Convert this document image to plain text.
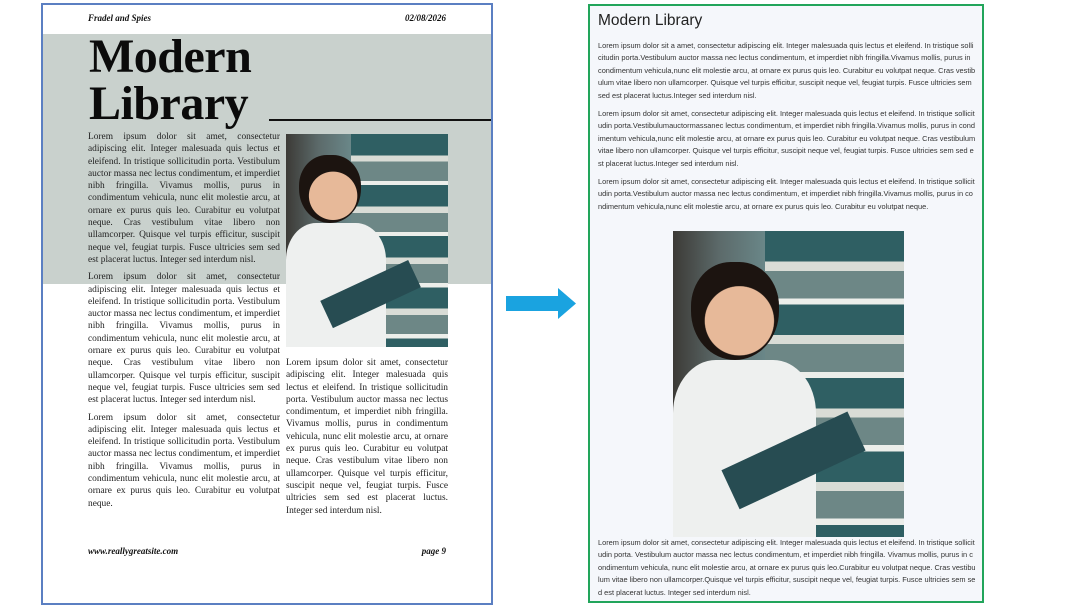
Fradel and Spies	02/08/2026
Modern
Library

Lorem ipsum dolor sit amet, consectetur adipiscing elit. Integer malesuada quis lectus et eleifend. In tristique sollicitudin porta. Vestibulum auctor massa nec lectus condimentum, et imperdiet nibh fringilla. Vivamus mollis, purus in condimentum vehicula, nunc elit molestie arcu, at ornare ex purus quis leo. Curabitur eu volutpat neque. Cras vestibulum vitae libero non ullamcorper. Quisque vel turpis efficitur, suscipit neque vel, feugiat turpis. Fusce ultricies sem sed est placerat luctus. Integer sed interdum nisl.

Lorem ipsum dolor sit amet, consectetur adipiscing elit. Integer malesuada quis lectus et eleifend. In tristique sollicitudin porta. Vestibulum auctor massa nec lectus condimentum, et imperdiet nibh fringilla. Vivamus mollis, purus in condimentum vehicula, nunc elit molestie arcu, at ornare ex purus quis leo. Curabitur eu volutpat neque. Cras vestibulum vitae libero non ullamcorper. Quisque vel turpis efficitur, suscipit neque vel, feugiat turpis. Fusce ultricies sem sed est placerat luctus. Integer sed interdum nisl.

Lorem ipsum dolor sit amet, consectetur adipiscing elit. Integer malesuada quis lectus et eleifend. In tristique sollicitudin porta. Vestibulum auctor massa nec lectus condimentum, et imperdiet nibh fringilla. Vivamus mollis, purus in condimentum vehicula, nunc elit molestie arcu, at ornare ex purus quis leo. Curabitur eu volutpat neque.

Lorem ipsum dolor sit amet, consectetur adipiscing elit. Integer malesuada quis lectus et eleifend. In tristique sollicitudin porta. Vestibulum auctor massa nec lectus condimentum, et imperdiet nibh fringilla. Vivamus mollis, purus in condimentum vehicula, nunc elit molestie arcu, at ornare ex purus quis leo. Curabitur eu volutpat neque. Cras vestibulum vitae libero non ullamcorper. Quisque vel turpis efficitur, suscipit neque vel, feugiat turpis. Fusce ultricies sem sed est placerat luctus. Integer sed interdum nisl.

www.reallygreatsite.com	page 9
Modern Library
Lorem ipsum dolor sit a amet, consectetur adipiscing elit. Integer malesuada quis lectus et eleifend. In tristique sollicitudin porta.Vestibulum auctor massa nec lectus condimentum, et imperdiet nibh fringilla.Vivamus mollis, purus in condimentum vehicula,nunc elit molestie arcu, at ornare ex purus quis leo. Curabitur eu volutpat neque. Cras vestibulum vitae libero non ullamcorper. Quisque vel turpis efficitur, suscipit neque vel, feugiat turpis. Fusce ultricies sem sed est placerat luctus.Integer sed interdum nisl.
Lorem ipsum dolor sit amet, consectetur adipiscing elit. Integer malesuada quis lectus et eleifend. In tristique sollicitudin porta.Vestibulumauctormassanec lectus condimentum, et imperdiet nibh fringilla.Vivamus mollis, purus in condimentum vehicula,nunc elit molestie arcu, at ornare ex purus quis leo. Curabitur eu volutpat neque. Cras vestibulum vitae libero non ullamcorper. Quisque vel turpis efficitur, suscipit neque vel, feugiat turpis. Fusce ultricies sem sed est placerat luctus.Integer sed interdum nisl.
Lorem ipsum dolor sit amet, consectetur adipiscing elit. Integer malesuada quis lectus et eleifend. In tristique sollicitudin porta.Vestibulum auctor massa nec lectus condimentum, et imperdiet nibh fringilla.Vivamus mollis, purus in condimentum vehicula,nunc elit molestie arcu, at ornare ex purus quis leo. Curabitur eu volutpat neque.
Lorem ipsum dolor sit amet, consectetur adipiscing elit. Integer malesuada quis lectus et eleifend. In tristique sollicitudin porta. Vestibulum auctor massa nec lectus condimentum, et imperdiet nibh fringilla. Vivamus mollis, purus in condimentum vehicula, nunc elit molestie arcu, at ornare ex purus quis leo.Curabitur eu volutpat neque. Cras vestibulum vitae libero non ullamcorper.Quisque vel turpis efficitur, suscipit neque vel, feugiat turpis. Fusce ultricies sem sed est placerat luctus. Integer sed interdum nisl.
